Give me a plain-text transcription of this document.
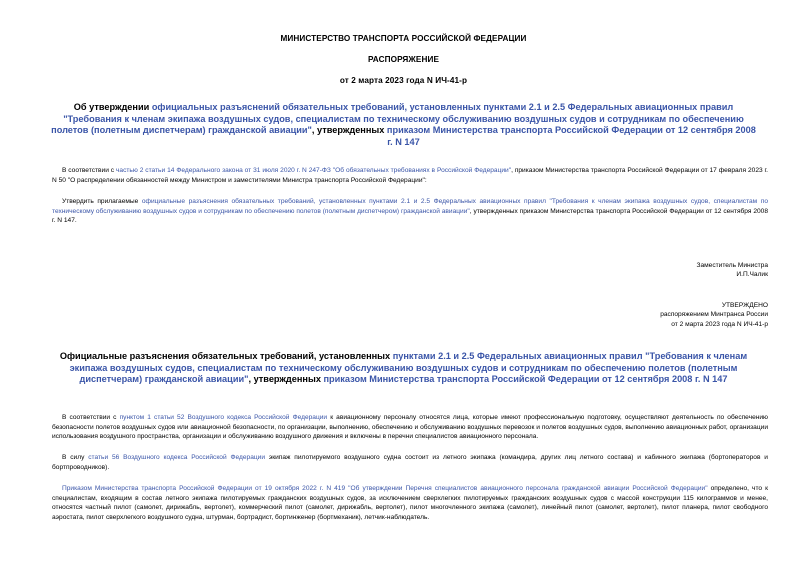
МИНИСТЕРСТВО ТРАНСПОРТА РОССИЙСКОЙ ФЕДЕРАЦИИ
РАСПОРЯЖЕНИЕ
от 2 марта 2023 года N ИЧ-41-р
Об утверждении официальных разъяснений обязательных требований, установленных пунктами 2.1 и 2.5 Федеральных авиационных правил "Требования к членам экипажа воздушных судов, специалистам по техническому обслуживанию воздушных судов и сотрудникам по обеспечению полетов (полетным диспетчерам) гражданской авиации", утвержденных приказом Министерства транспорта Российской Федерации от 12 сентября 2008 г. N 147

В соответствии с частью 2 статьи 14 Федерального закона от 31 июля 2020 г. N 247-ФЗ "Об обязательных требованиях в Российской Федерации", приказом Министерства транспорта Российской Федерации от 17 февраля 2023 г. N 50 "О распределении обязанностей между Министром и заместителями Министра транспорта Российской Федерации":

Утвердить прилагаемые официальные разъяснения обязательных требований, установленных пунктами 2.1 и 2.5 Федеральных авиационных правил "Требования к членам экипажа воздушных судов, специалистам по техническому обслуживанию воздушных судов и сотрудникам по обеспечению полетов (полетным диспетчером) гражданской авиации", утвержденных приказом Министерства транспорта Российской Федерации от 12 сентября 2008 г. N 147.

Заместитель Министра
И.П.Чалик
УТВЕРЖДЕНО
распоряжением Минтранса России
от 2 марта 2023 года N ИЧ-41-р
Официальные разъяснения обязательных требований, установленных пунктами 2.1 и 2.5 Федеральных авиационных правил "Требования к членам экипажа воздушных судов, специалистам по техническому обслуживанию воздушных судов и сотрудникам по обеспечению полетов (полетным диспетчерам) гражданской авиации", утвержденных приказом Министерства транспорта Российской Федерации от 12 сентября 2008 г. N 147

В соответствии с пунктом 1 статьи 52 Воздушного кодекса Российской Федерации к авиационному персоналу относятся лица, которые имеют профессиональную подготовку, осуществляют деятельность по обеспечению безопасности полетов воздушных судов или авиационной безопасности, по организации, выполнению, обеспечению и обслуживанию воздушных перевозок и полетов воздушных судов, выполнению авиационных работ, организации использования воздушного пространства, организации и обслуживанию воздушного движения и включены в перечни специалистов авиационного персонала.

В силу статьи 56 Воздушного кодекса Российской Федерации экипаж пилотируемого воздушного судна состоит из летного экипажа (командира, других лиц летного состава) и кабинного экипажа (бортоператоров и бортпроводников).

Приказом Министерства транспорта Российской Федерации от 19 октября 2022 г. N 419 "Об утверждении Перечня специалистов авиационного персонала гражданской авиации Российской Федерации" определено, что к специалистам, входящим в состав летного экипажа пилотируемых гражданских воздушных судов, за исключением сверхлегких пилотируемых гражданских воздушных судов с массой конструкции 115 килограммов и менее, относятся частный пилот (самолет, дирижабль, вертолет), коммерческий пилот (самолет, дирижабль, вертолет), пилот многочленного экипажа (самолет), линейный пилот (самолет, вертолет), пилот планера, пилот свободного аэростата, пилот сверхлегкого воздушного судна, штурман, бортрадист, бортинженер (бортмеханик), летчик-наблюдатель.
